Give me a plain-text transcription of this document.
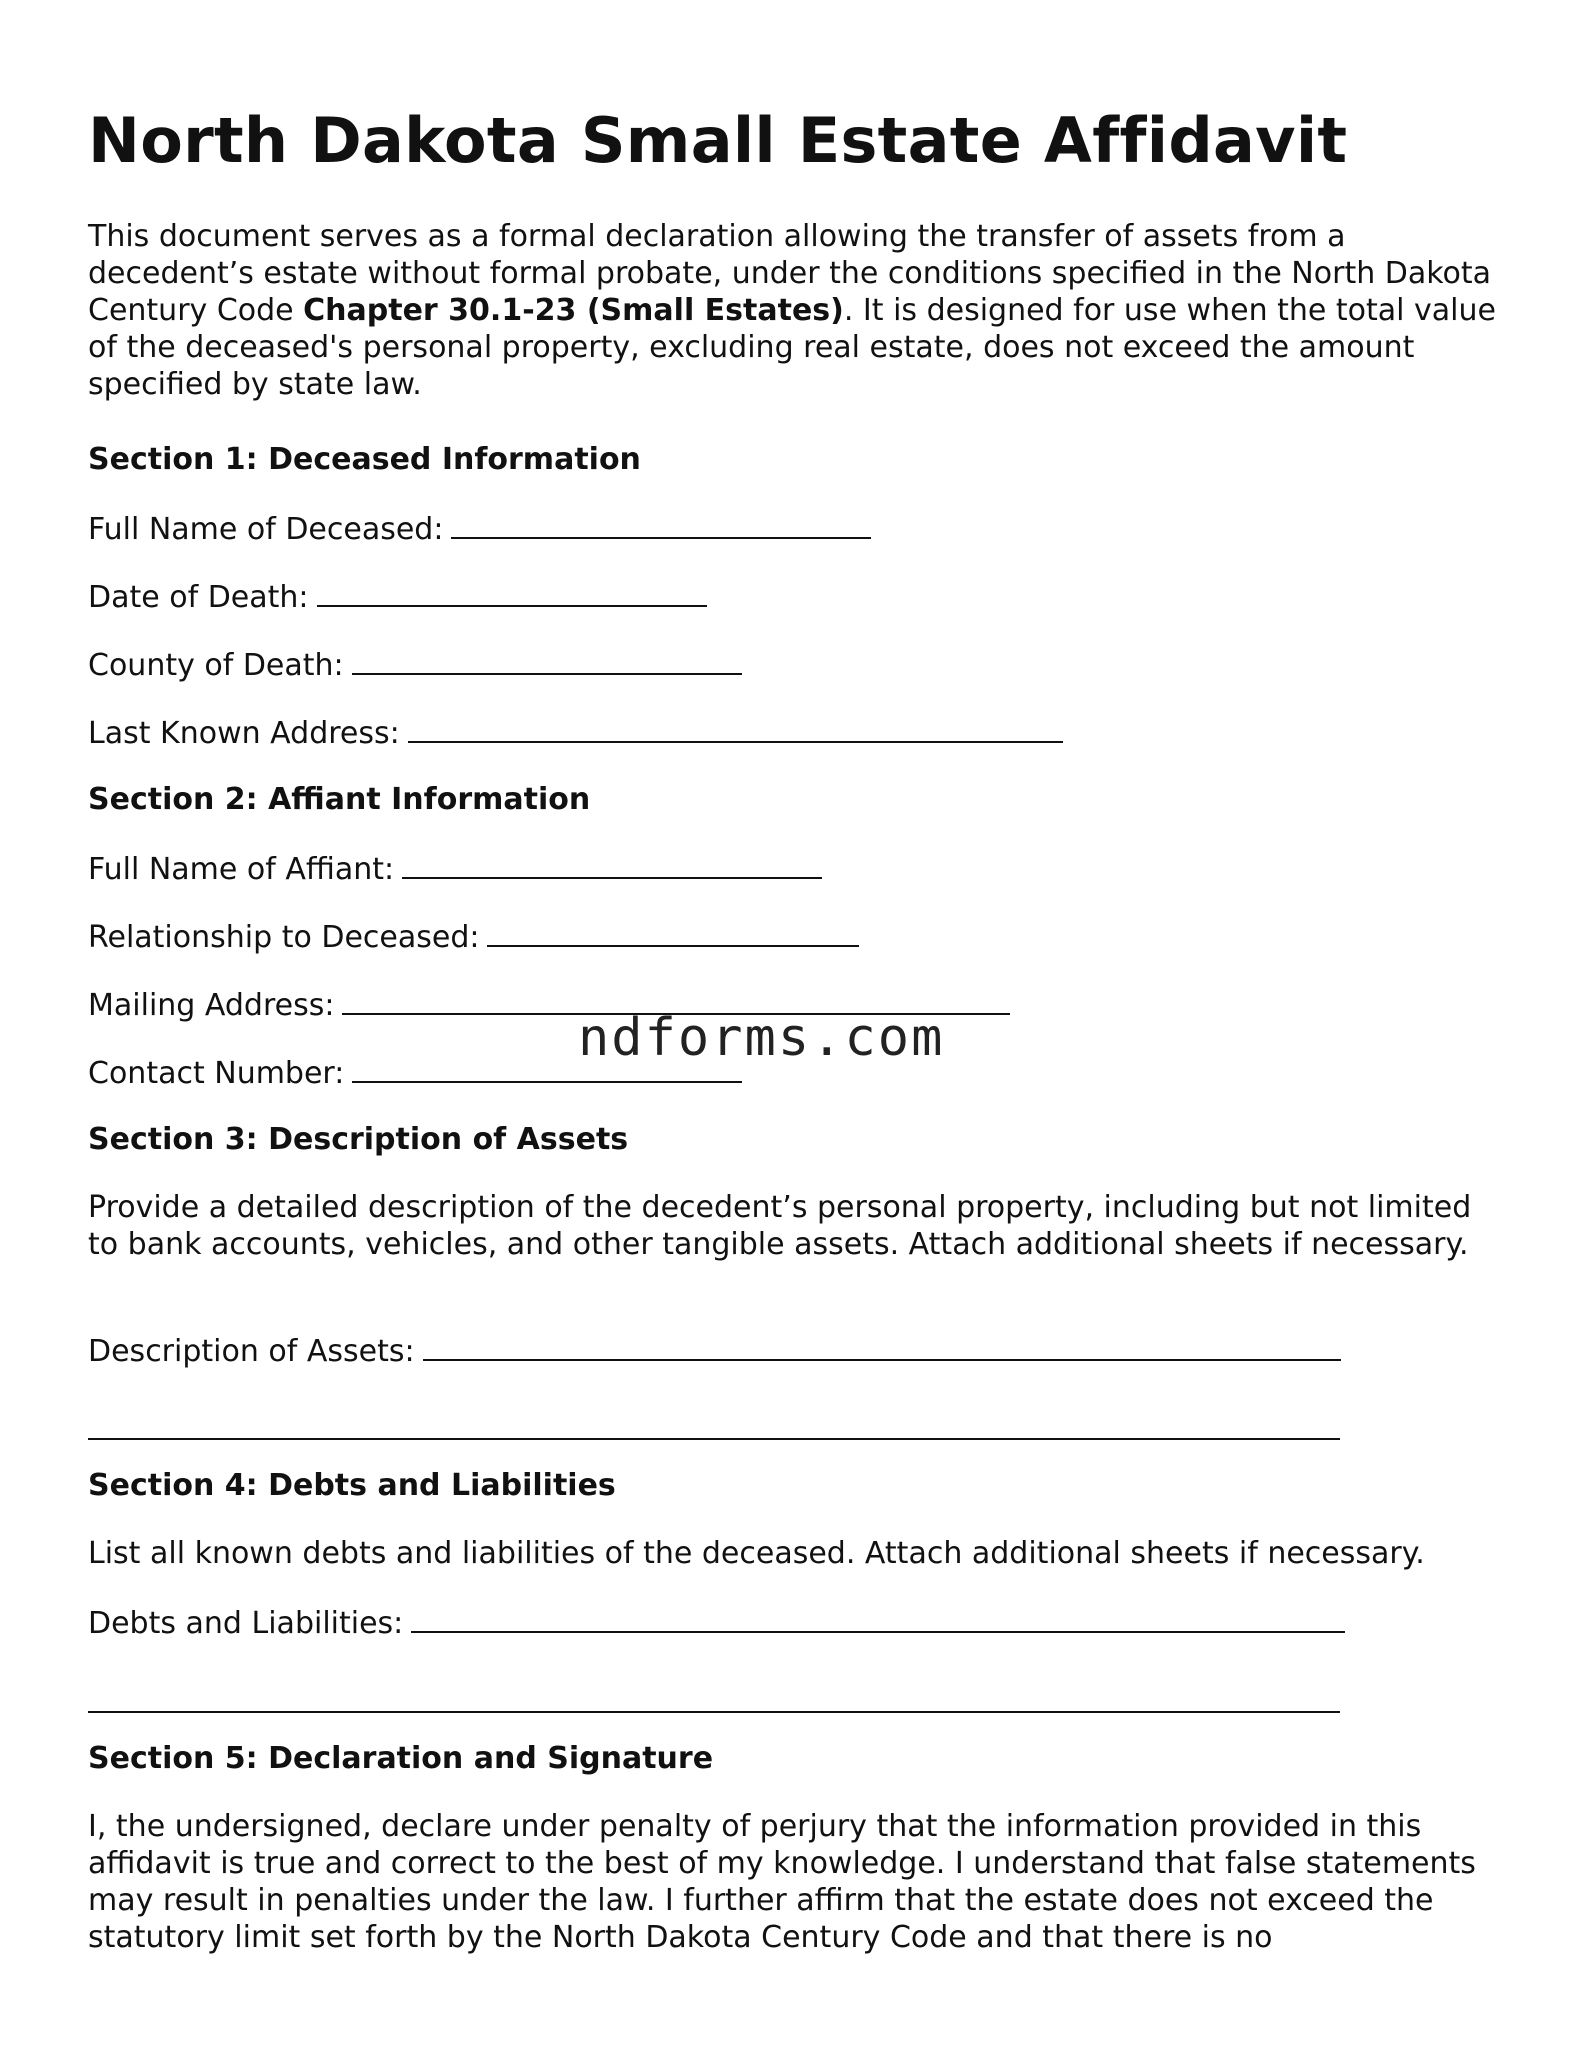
North Dakota Small Estate Affidavit

This document serves as a formal declaration allowing the transfer of assets from a decedent’s estate without formal probate, under the conditions specified in the North Dakota Century Code Chapter 30.1-23 (Small Estates). It is designed for use when the total value of the deceased's personal property, excluding real estate, does not exceed the amount specified by state law.

Section 1: Deceased Information

Full Name of Deceased:

Date of Death:

County of Death:

Last Known Address:

Section 2: Affiant Information

Full Name of Affiant:

Relationship to Deceased:

Mailing Address:

Contact Number:

Section 3: Description of Assets

Provide a detailed description of the decedent’s personal property, including but not limited to bank accounts, vehicles, and other tangible assets. Attach additional sheets if necessary.

Description of Assets:

Section 4: Debts and Liabilities

List all known debts and liabilities of the deceased. Attach additional sheets if necessary.

Debts and Liabilities:

Section 5: Declaration and Signature

I, the undersigned, declare under penalty of perjury that the information provided in this affidavit is true and correct to the best of my knowledge. I understand that false statements may result in penalties under the law. I further affirm that the estate does not exceed the statutory limit set forth by the North Dakota Century Code and that there is no

ndforms.com
